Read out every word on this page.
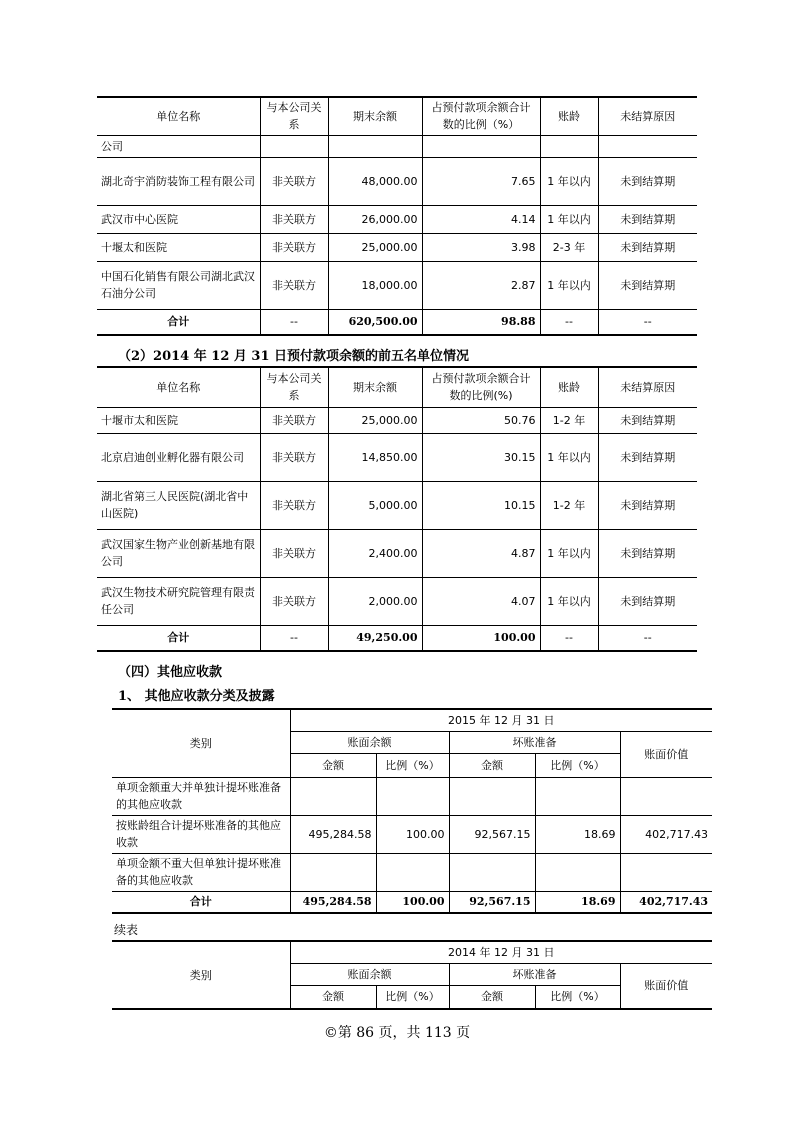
单位名称	与本公司关系	期末余额	占预付款项余额合计数的比例（%）	账龄	未结算原因
公司					
湖北奇宇消防装饰工程有限公司	非关联方	48,000.00	7.65	1 年以内	未到结算期
武汉市中心医院	非关联方	26,000.00	4.14	1 年以内	未到结算期
十堰太和医院	非关联方	25,000.00	3.98	2-3 年	未到结算期
中国石化销售有限公司湖北武汉石油分公司	非关联方	18,000.00	2.87	1 年以内	未到结算期
合计	--	620,500.00	98.88	--	--
（2）2014 年 12 月 31 日预付款项余额的前五名单位情况
单位名称	与本公司关系	期末余额	占预付款项余额合计数的比例(%)	账龄	未结算原因
十堰市太和医院	非关联方	25,000.00	50.76	1-2 年	未到结算期
北京启迪创业孵化器有限公司	非关联方	14,850.00	30.15	1 年以内	未到结算期
湖北省第三人民医院(湖北省中山医院)	非关联方	5,000.00	10.15	1-2 年	未到结算期
武汉国家生物产业创新基地有限公司	非关联方	2,400.00	4.87	1 年以内	未到结算期
武汉生物技术研究院管理有限责任公司	非关联方	2,000.00	4.07	1 年以内	未到结算期
合计	--	49,250.00	100.00	--	--
（四）其他应收款
1、 其他应收款分类及披露
类别	2015 年 12 月 31 日				
	账面余额		坏账准备		账面价值
	金额	比例（%）	金额	比例（%）	
单项金额重大并单独计提坏账准备的其他应收款					
按账龄组合计提坏账准备的其他应收款	495,284.58	100.00	92,567.15	18.69	402,717.43
单项金额不重大但单独计提坏账准备的其他应收款					
合计	495,284.58	100.00	92,567.15	18.69	402,717.43
续表
类别	2014 年 12 月 31 日				
	账面余额		坏账准备		账面价值
	金额	比例（%）	金额	比例（%）	
©第 86 页，共 113 页
